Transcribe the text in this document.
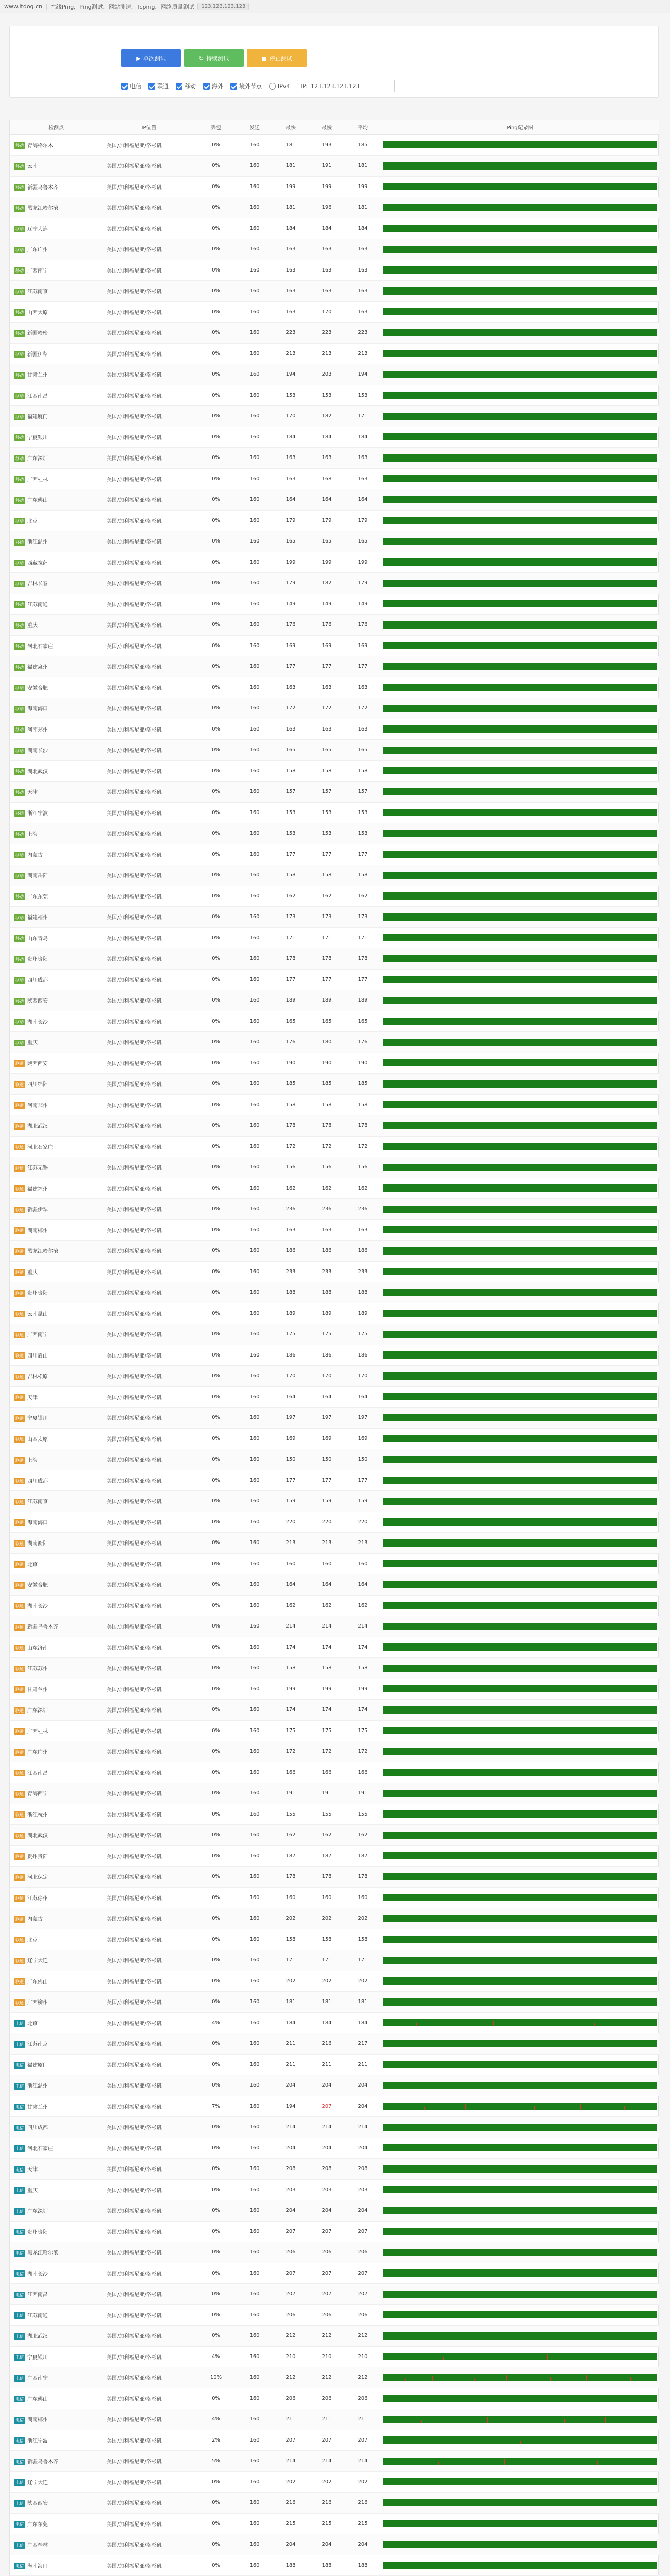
www.itdog.cn | 在线Ping，Ping测试，网站测速，Tcping，网络质量测试	123.123.123.123
▶ 单次测试	↻ 持续测试	■ 停止测试
电信	联通	移动	海外	境外节点	IPv4 IP: 123.123.123.123
检测点	IP位置	丢包	发送	最快	最慢	平均	Ping记录图
移动 青海格尔木	美国/加利福尼亚/洛杉矶	0%	160	181	193	185	

移动 云南	美国/加利福尼亚/洛杉矶	0%	160	181	191	181	

移动 新疆乌鲁木齐	美国/加利福尼亚/洛杉矶	0%	160	199	199	199	

移动 黑龙江哈尔滨	美国/加利福尼亚/洛杉矶	0%	160	181	196	181	

移动 辽宁大连	美国/加利福尼亚/洛杉矶	0%	160	184	184	184	

移动 广东广州	美国/加利福尼亚/洛杉矶	0%	160	163	163	163	

移动 广西南宁	美国/加利福尼亚/洛杉矶	0%	160	163	163	163	

移动 江苏南京	美国/加利福尼亚/洛杉矶	0%	160	163	163	163	

移动 山西太原	美国/加利福尼亚/洛杉矶	0%	160	163	170	163	

移动 新疆哈密	美国/加利福尼亚/洛杉矶	0%	160	223	223	223	

移动 新疆伊犁	美国/加利福尼亚/洛杉矶	0%	160	213	213	213	

移动 甘肃兰州	美国/加利福尼亚/洛杉矶	0%	160	194	203	194	

移动 江西南昌	美国/加利福尼亚/洛杉矶	0%	160	153	153	153	

移动 福建厦门	美国/加利福尼亚/洛杉矶	0%	160	170	182	171	

移动 宁夏银川	美国/加利福尼亚/洛杉矶	0%	160	184	184	184	

移动 广东深圳	美国/加利福尼亚/洛杉矶	0%	160	163	163	163	

移动 广西桂林	美国/加利福尼亚/洛杉矶	0%	160	163	168	163	

移动 广东佛山	美国/加利福尼亚/洛杉矶	0%	160	164	164	164	

移动 北京	美国/加利福尼亚/洛杉矶	0%	160	179	179	179	

移动 浙江温州	美国/加利福尼亚/洛杉矶	0%	160	165	165	165	

移动 西藏拉萨	美国/加利福尼亚/洛杉矶	0%	160	199	199	199	

移动 吉林长春	美国/加利福尼亚/洛杉矶	0%	160	179	182	179	

移动 江苏南通	美国/加利福尼亚/洛杉矶	0%	160	149	149	149	

移动 重庆	美国/加利福尼亚/洛杉矶	0%	160	176	176	176	

移动 河北石家庄	美国/加利福尼亚/洛杉矶	0%	160	169	169	169	

移动 福建泉州	美国/加利福尼亚/洛杉矶	0%	160	177	177	177	

移动 安徽合肥	美国/加利福尼亚/洛杉矶	0%	160	163	163	163	

移动 海南海口	美国/加利福尼亚/洛杉矶	0%	160	172	172	172	

移动 河南郑州	美国/加利福尼亚/洛杉矶	0%	160	163	163	163	

移动 湖南长沙	美国/加利福尼亚/洛杉矶	0%	160	165	165	165	

移动 湖北武汉	美国/加利福尼亚/洛杉矶	0%	160	158	158	158	

移动 天津	美国/加利福尼亚/洛杉矶	0%	160	157	157	157	

移动 浙江宁波	美国/加利福尼亚/洛杉矶	0%	160	153	153	153	

移动 上海	美国/加利福尼亚/洛杉矶	0%	160	153	153	153	

移动 内蒙古	美国/加利福尼亚/洛杉矶	0%	160	177	177	177	

移动 湖南岳阳	美国/加利福尼亚/洛杉矶	0%	160	158	158	158	

移动 广东东莞	美国/加利福尼亚/洛杉矶	0%	160	162	162	162	

移动 福建福州	美国/加利福尼亚/洛杉矶	0%	160	173	173	173	

移动 山东青岛	美国/加利福尼亚/洛杉矶	0%	160	171	171	171	

移动 贵州贵阳	美国/加利福尼亚/洛杉矶	0%	160	178	178	178	

移动 四川成都	美国/加利福尼亚/洛杉矶	0%	160	177	177	177	

移动 陕西西安	美国/加利福尼亚/洛杉矶	0%	160	189	189	189	

移动 湖南长沙	美国/加利福尼亚/洛杉矶	0%	160	165	165	165	

移动 重庆	美国/加利福尼亚/洛杉矶	0%	160	176	180	176	

联通 陕西西安	美国/加利福尼亚/洛杉矶	0%	160	190	190	190	

联通 四川绵阳	美国/加利福尼亚/洛杉矶	0%	160	185	185	185	

联通 河南郑州	美国/加利福尼亚/洛杉矶	0%	160	158	158	158	

联通 湖北武汉	美国/加利福尼亚/洛杉矶	0%	160	178	178	178	

联通 河北石家庄	美国/加利福尼亚/洛杉矶	0%	160	172	172	172	

联通 江苏无锡	美国/加利福尼亚/洛杉矶	0%	160	156	156	156	

联通 福建福州	美国/加利福尼亚/洛杉矶	0%	160	162	162	162	

联通 新疆伊犁	美国/加利福尼亚/洛杉矶	0%	160	236	236	236	

联通 湖南郴州	美国/加利福尼亚/洛杉矶	0%	160	163	163	163	

联通 黑龙江哈尔滨	美国/加利福尼亚/洛杉矶	0%	160	186	186	186	

联通 重庆	美国/加利福尼亚/洛杉矶	0%	160	233	233	233	

联通 贵州贵阳	美国/加利福尼亚/洛杉矶	0%	160	188	188	188	

联通 云南昆山	美国/加利福尼亚/洛杉矶	0%	160	189	189	189	

联通 广西南宁	美国/加利福尼亚/洛杉矶	0%	160	175	175	175	

联通 四川眉山	美国/加利福尼亚/洛杉矶	0%	160	186	186	186	

联通 吉林松原	美国/加利福尼亚/洛杉矶	0%	160	170	170	170	

联通 天津	美国/加利福尼亚/洛杉矶	0%	160	164	164	164	

联通 宁夏银川	美国/加利福尼亚/洛杉矶	0%	160	197	197	197	

联通 山西太原	美国/加利福尼亚/洛杉矶	0%	160	169	169	169	

联通 上海	美国/加利福尼亚/洛杉矶	0%	160	150	150	150	

联通 四川成都	美国/加利福尼亚/洛杉矶	0%	160	177	177	177	

联通 江苏南京	美国/加利福尼亚/洛杉矶	0%	160	159	159	159	

联通 海南海口	美国/加利福尼亚/洛杉矶	0%	160	220	220	220	

联通 湖南衡阳	美国/加利福尼亚/洛杉矶	0%	160	213	213	213	

联通 北京	美国/加利福尼亚/洛杉矶	0%	160	160	160	160	

联通 安徽合肥	美国/加利福尼亚/洛杉矶	0%	160	164	164	164	

联通 湖南长沙	美国/加利福尼亚/洛杉矶	0%	160	162	162	162	

联通 新疆乌鲁木齐	美国/加利福尼亚/洛杉矶	0%	160	214	214	214	

联通 山东济南	美国/加利福尼亚/洛杉矶	0%	160	174	174	174	

联通 江苏苏州	美国/加利福尼亚/洛杉矶	0%	160	158	158	158	

联通 甘肃兰州	美国/加利福尼亚/洛杉矶	0%	160	199	199	199	

联通 广东深圳	美国/加利福尼亚/洛杉矶	0%	160	174	174	174	

联通 广西桂林	美国/加利福尼亚/洛杉矶	0%	160	175	175	175	

联通 广东广州	美国/加利福尼亚/洛杉矶	0%	160	172	172	172	

联通 江西南昌	美国/加利福尼亚/洛杉矶	0%	160	166	166	166	

联通 青海西宁	美国/加利福尼亚/洛杉矶	0%	160	191	191	191	

联通 浙江杭州	美国/加利福尼亚/洛杉矶	0%	160	155	155	155	

联通 湖北武汉	美国/加利福尼亚/洛杉矶	0%	160	162	162	162	

联通 贵州贵阳	美国/加利福尼亚/洛杉矶	0%	160	187	187	187	

联通 河北保定	美国/加利福尼亚/洛杉矶	0%	160	178	178	178	

联通 江苏徐州	美国/加利福尼亚/洛杉矶	0%	160	160	160	160	

联通 内蒙古	美国/加利福尼亚/洛杉矶	0%	160	202	202	202	

联通 北京	美国/加利福尼亚/洛杉矶	0%	160	158	158	158	

联通 辽宁大连	美国/加利福尼亚/洛杉矶	0%	160	171	171	171	

联通 广东佛山	美国/加利福尼亚/洛杉矶	0%	160	202	202	202	

联通 广西柳州	美国/加利福尼亚/洛杉矶	0%	160	181	181	181	

电信 北京	美国/加利福尼亚/洛杉矶	4%	160	184	184	184	

电信 江苏南京	美国/加利福尼亚/洛杉矶	0%	160	211	216	217	

电信 福建厦门	美国/加利福尼亚/洛杉矶	0%	160	211	211	211	

电信 浙江温州	美国/加利福尼亚/洛杉矶	0%	160	204	204	204	

电信 甘肃兰州	美国/加利福尼亚/洛杉矶	7%	160	194	207	204	

电信 四川成都	美国/加利福尼亚/洛杉矶	0%	160	214	214	214	

电信 河北石家庄	美国/加利福尼亚/洛杉矶	0%	160	204	204	204	

电信 天津	美国/加利福尼亚/洛杉矶	0%	160	208	208	208	

电信 重庆	美国/加利福尼亚/洛杉矶	0%	160	203	203	203	

电信 广东深圳	美国/加利福尼亚/洛杉矶	0%	160	204	204	204	

电信 贵州贵阳	美国/加利福尼亚/洛杉矶	0%	160	207	207	207	

电信 黑龙江哈尔滨	美国/加利福尼亚/洛杉矶	0%	160	206	206	206	

电信 湖南长沙	美国/加利福尼亚/洛杉矶	0%	160	207	207	207	

电信 江西南昌	美国/加利福尼亚/洛杉矶	0%	160	207	207	207	

电信 江苏南通	美国/加利福尼亚/洛杉矶	0%	160	206	206	206	

电信 湖北武汉	美国/加利福尼亚/洛杉矶	0%	160	212	212	212	

电信 宁夏银川	美国/加利福尼亚/洛杉矶	4%	160	210	210	210	

电信 广西南宁	美国/加利福尼亚/洛杉矶	10%	160	212	212	212	

电信 广东佛山	美国/加利福尼亚/洛杉矶	0%	160	206	206	206	

电信 湖南郴州	美国/加利福尼亚/洛杉矶	4%	160	211	211	211	

电信 浙江宁波	美国/加利福尼亚/洛杉矶	2%	160	207	207	207	

电信 新疆乌鲁木齐	美国/加利福尼亚/洛杉矶	5%	160	214	214	214	

电信 辽宁大连	美国/加利福尼亚/洛杉矶	0%	160	202	202	202	

电信 陕西西安	美国/加利福尼亚/洛杉矶	0%	160	216	216	216	

电信 广东东莞	美国/加利福尼亚/洛杉矶	0%	160	215	215	215	

电信 广西桂林	美国/加利福尼亚/洛杉矶	0%	160	204	204	204	

电信 海南海口	美国/加利福尼亚/洛杉矶	0%	160	188	188	188	
